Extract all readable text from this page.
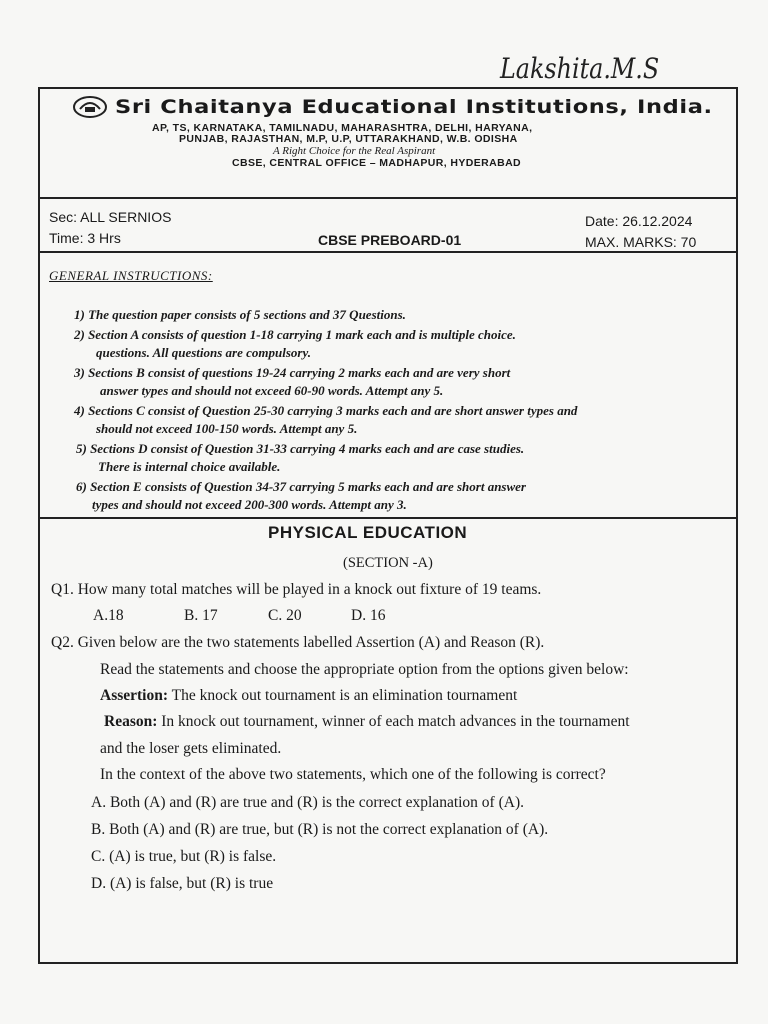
Lakshita.M.S
Sri Chaitanya Educational Institutions, India.
AP, TS, KARNATAKA, TAMILNADU, MAHARASHTRA, DELHI, HARYANA,
PUNJAB, RAJASTHAN, M.P, U.P, UTTARAKHAND, W.B. ODISHA
A Right Choice for the Real Aspirant
CBSE, CENTRAL OFFICE – MADHAPUR, HYDERABAD
Sec: ALL SERNIOS
Time: 3 Hrs	CBSE PREBOARD-01
Date: 26.12.2024
MAX. MARKS: 70
GENERAL INSTRUCTIONS:
1) The question paper consists of 5 sections and 37 Questions.
2) Section A consists of question 1-18 carrying 1 mark each and is multiple choice.
questions. All questions are compulsory.
3) Sections B consist of questions 19-24 carrying 2 marks each and are very short
answer types and should not exceed 60-90 words. Attempt any 5.
4) Sections C consist of Question 25-30 carrying 3 marks each and are short answer types and
should not exceed 100-150 words. Attempt any 5.
5) Sections D consist of Question 31-33 carrying 4 marks each and are case studies.
There is internal choice available.
6) Section E consists of Question 34-37 carrying 5 marks each and are short answer
types and should not exceed 200-300 words. Attempt any 3.
PHYSICAL EDUCATION
(SECTION -A)
Q1. How many total matches will be played in a knock out fixture of 19 teams.
A.18	B. 17	C. 20	D. 16
Q2. Given below are the two statements labelled Assertion (A) and Reason (R).
Read the statements and choose the appropriate option from the options given below:
Assertion: The knock out tournament is an elimination tournament
Reason: In knock out tournament, winner of each match advances in the tournament
and the loser gets eliminated.
In the context of the above two statements, which one of the following is correct?
A. Both (A) and (R) are true and (R) is the correct explanation of (A).
B. Both (A) and (R) are true, but (R) is not the correct explanation of (A).
C. (A) is true, but (R) is false.
D. (A) is false, but (R) is true
